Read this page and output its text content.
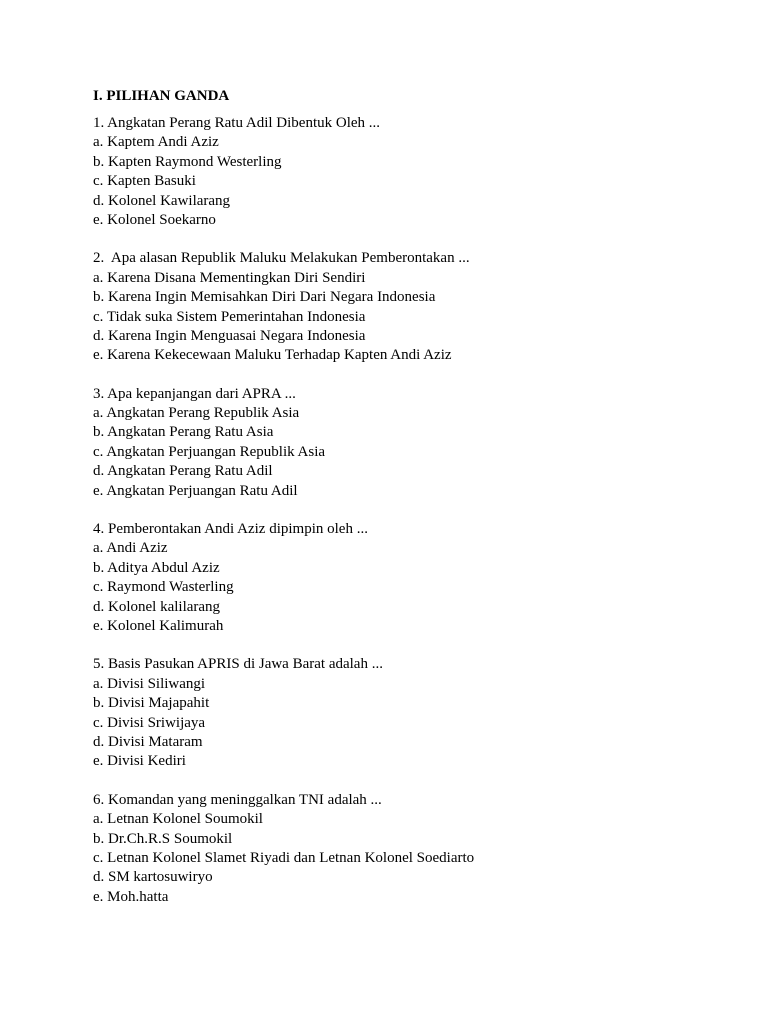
I. PILIHAN GANDA
1. Angkatan Perang Ratu Adil Dibentuk Oleh ...
a. Kaptem Andi Aziz
b. Kapten Raymond Westerling
c. Kapten Basuki
d. Kolonel Kawilarang
e. Kolonel Soekarno
2.  Apa alasan Republik Maluku Melakukan Pemberontakan ...
a. Karena Disana Mementingkan Diri Sendiri
b. Karena Ingin Memisahkan Diri Dari Negara Indonesia
c. Tidak suka Sistem Pemerintahan Indonesia
d. Karena Ingin Menguasai Negara Indonesia
e. Karena Kekecewaan Maluku Terhadap Kapten Andi Aziz
3. Apa kepanjangan dari APRA ...
a. Angkatan Perang Republik Asia
b. Angkatan Perang Ratu Asia
c. Angkatan Perjuangan Republik Asia
d. Angkatan Perang Ratu Adil
e. Angkatan Perjuangan Ratu Adil
4. Pemberontakan Andi Aziz dipimpin oleh ...
a. Andi Aziz
b. Aditya Abdul Aziz
c. Raymond Wasterling
d. Kolonel kalilarang
e. Kolonel Kalimurah
5. Basis Pasukan APRIS di Jawa Barat adalah ...
a. Divisi Siliwangi
b. Divisi Majapahit
c. Divisi Sriwijaya
d. Divisi Mataram
e. Divisi Kediri
6. Komandan yang meninggalkan TNI adalah ...
a. Letnan Kolonel Soumokil
b. Dr.Ch.R.S Soumokil
c. Letnan Kolonel Slamet Riyadi dan Letnan Kolonel Soediarto
d. SM kartosuwiryo
e. Moh.hatta
